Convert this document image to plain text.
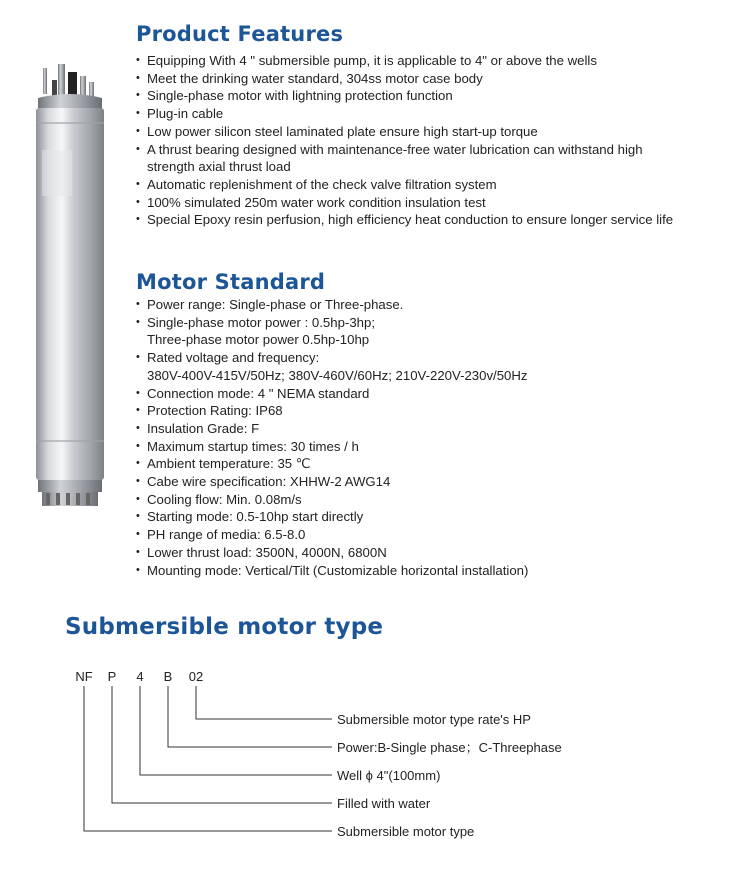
Product Features
• Equipping With 4 " submersible pump, it is applicable to 4" or above the wells
• Meet the drinking water standard, 304ss motor case body
• Single-phase motor with lightning protection function
• Plug-in cable
• Low power silicon steel laminated plate ensure high start-up torque
• A thrust bearing designed with maintenance-free water lubrication can withstand high
strength axial thrust load
• Automatic replenishment of the check valve filtration system
• 100% simulated 250m water work condition insulation test
• Special Epoxy resin perfusion, high efficiency heat conduction to ensure longer service life
Motor Standard
• Power range: Single-phase or Three-phase.
• Single-phase motor power : 0.5hp-3hp;
Three-phase motor power 0.5hp-10hp
• Rated voltage and frequency:
380V-400V-415V/50Hz; 380V-460V/60Hz; 210V-220V-230v/50Hz
• Connection mode: 4 " NEMA standard
• Protection Rating: IP68
• Insulation Grade: F
• Maximum startup times: 30 times / h
• Ambient temperature: 35 ℃
• Cabe wire specification: XHHW-2 AWG14
• Cooling flow: Min. 0.08m/s
• Starting mode: 0.5-10hp start directly
• PH range of media: 6.5-8.0
• Lower thrust load: 3500N, 4000N, 6800N
• Mounting mode: Vertical/Tilt (Customizable horizontal installation)
Submersible motor type
NF P 4 B 02
Submersible motor type rate's HP
Power:B-Single phase；C-Threephase
Well ϕ 4"(100mm)
Filled with water
Submersible motor type
